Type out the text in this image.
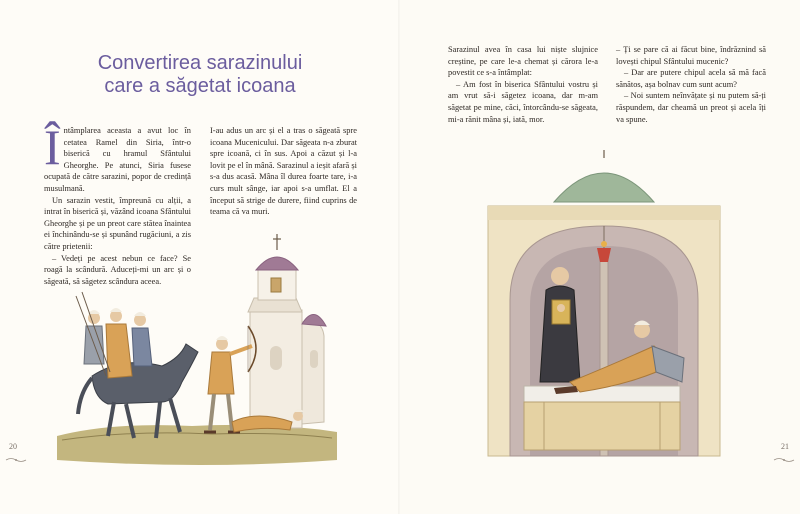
Convertirea sarazinului
care a săgetat icoana
Î ntâmplarea aceasta a avut loc în cetatea Ramel din Siria, într-o biserică cu hramul Sfântului Gheorghe. Pe atunci, Siria fusese ocupată de către sarazini, popor de credință musulmană.

Un sarazin vestit, împreună cu alții, a intrat în biserică și, văzând icoana Sfântului Gheorghe și pe un preot care stătea înaintea ei închinându-se și spunând rugăciuni, a zis către prietenii:

– Vedeți pe acest nebun ce face? Se roagă la scândură. Aduceți-mi un arc și o săgeată, să săgetez scândura aceea.

I-au adus un arc și el a tras o săgeată spre icoana Mucenicului. Dar săgeata n-a zburat spre icoană, ci în sus. Apoi a căzut și l-a lovit pe el în mână. Sarazinul a ieșit afară și s-a dus acasă. Mâna îl durea foarte tare, i-a curs mult sânge, iar apoi s-a umflat. El a început să strige de durere, fiind cuprins de teama că va muri.

20

Sarazinul avea în casa lui niște slujnice creștine, pe care le-a chemat și cărora le-a povestit ce s-a întâmplat:

– Am fost în biserica Sfântului vostru și am vrut să-i săgetez icoana, dar m-am săgetat pe mine, căci, întorcându-se săgeata, mi-a rănit mâna și, iată, mor.

– Ți se pare că ai făcut bine, îndrăznind să lovești chipul Sfântului mucenic?

– Dar are putere chipul acela să mă facă sănătos, așa bolnav cum sunt acum?

– Noi suntem neînvățate și nu putem să-ți răspundem, dar cheamă un preot și acela îți va spune.

21
